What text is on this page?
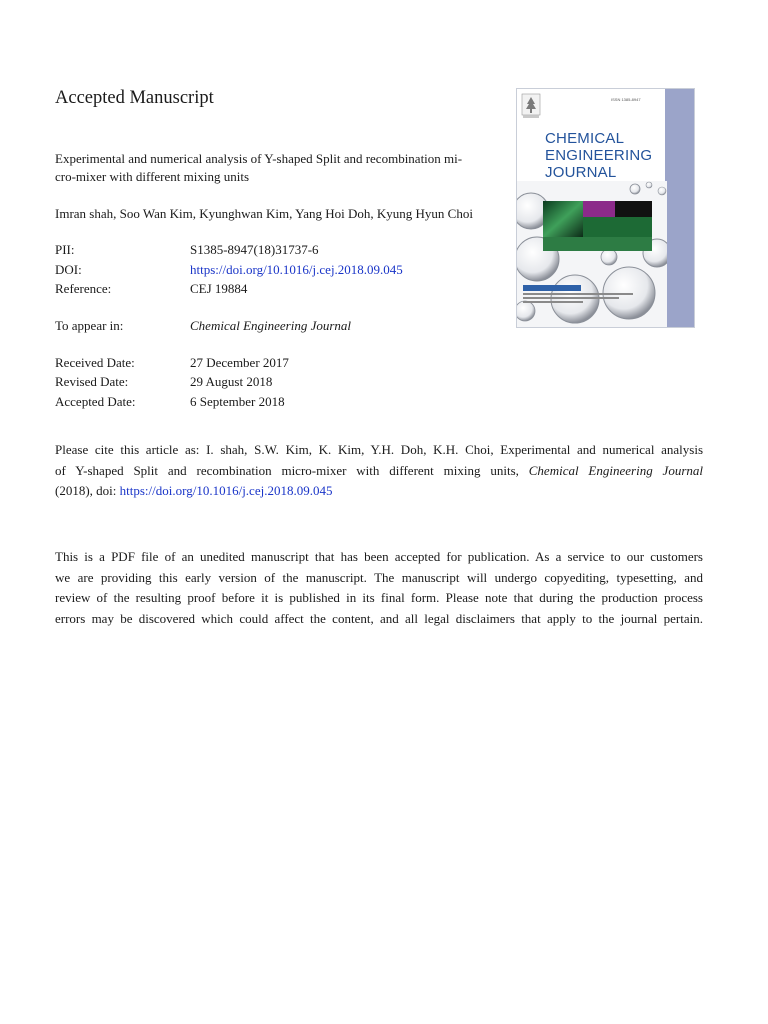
Accepted Manuscript
Experimental and numerical analysis of Y-shaped Split and recombination mi-
cro-mixer with different mixing units
Imran shah, Soo Wan Kim, Kyunghwan Kim, Yang Hoi Doh, Kyung Hyun Choi
PII:	S1385-8947(18)31737-6
DOI:	https://doi.org/10.1016/j.cej.2018.09.045
Reference:	CEJ 19884
To appear in:	Chemical Engineering Journal
Received Date:	27 December 2017
Revised Date:	29 August 2018
Accepted Date:	6 September 2018
Please cite this article as: I. shah, S.W. Kim, K. Kim, Y.H. Doh, K.H. Choi, Experimental and numerical analysis
of Y-shaped Split and recombination micro-mixer with different mixing units, Chemical Engineering Journal
(2018), doi: https://doi.org/10.1016/j.cej.2018.09.045
This is a PDF file of an unedited manuscript that has been accepted for publication. As a service to our customers
we are providing this early version of the manuscript. The manuscript will undergo copyediting, typesetting, and
review of the resulting proof before it is published in its final form. Please note that during the production process
errors may be discovered which could affect the content, and all legal disclaimers that apply to the journal pertain.
ISSN 1385-8947
CHEMICAL
ENGINEERING
JOURNAL
